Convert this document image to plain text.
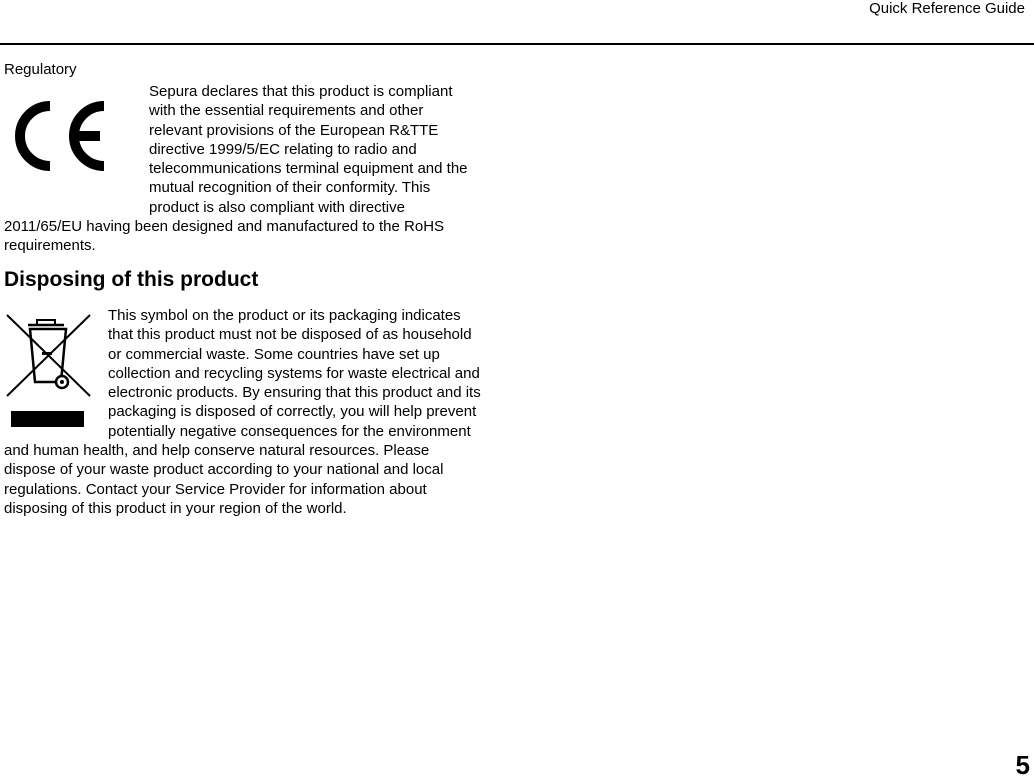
Quick Reference Guide
Regulatory

Sepura declares that this product is compliant with the essential requirements and other relevant provisions of the European R&TTE directive 1999/5/EC relating to radio and telecommunications terminal equipment and the mutual recognition of their conformity. This product is also compliant with directive 2011/65/EU having been designed and manufactured to the RoHS requirements.

Disposing of this product

This symbol on the product or its packaging indicates that this product must not be disposed of as household or commercial waste. Some countries have set up collection and recycling systems for waste electrical and electronic products. By ensuring that this product and its packaging is disposed of correctly, you will help prevent potentially negative consequences for the environment and human health, and help conserve natural resources. Please dispose of your waste product according to your national and local regulations. Contact your Service Provider for information about disposing of this product in your region of the world.

5
